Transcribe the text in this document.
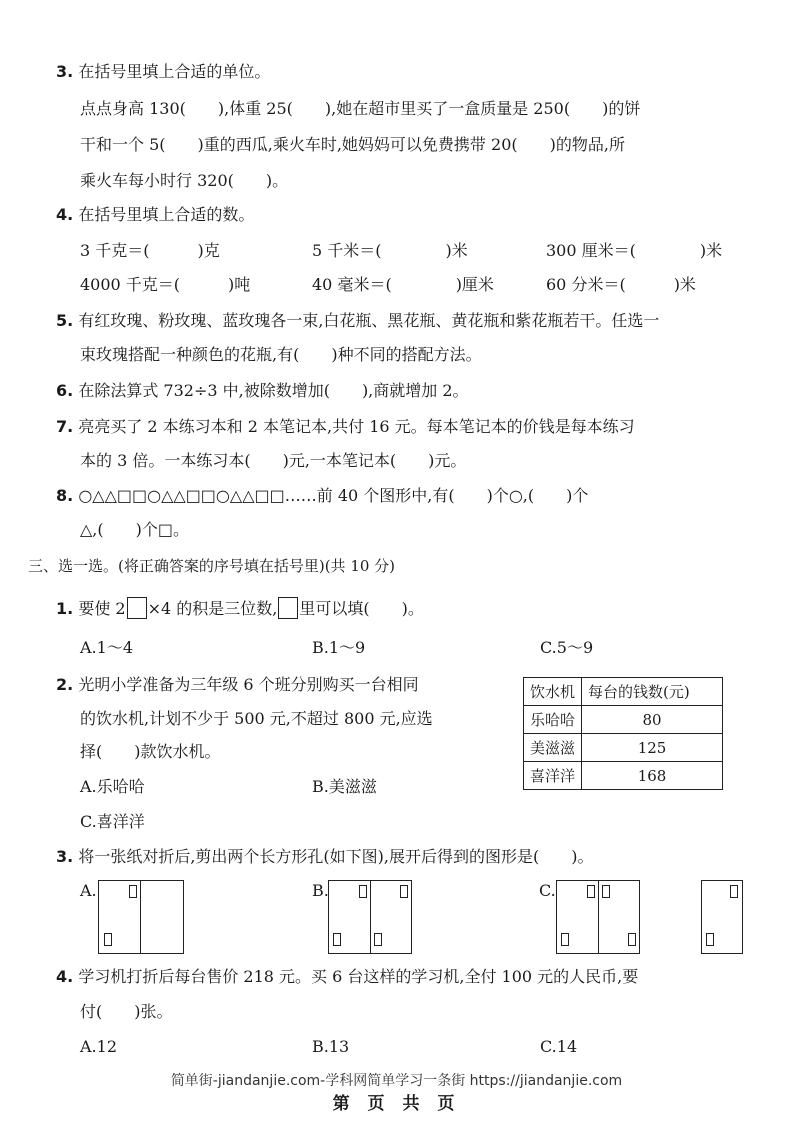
3. 在括号里填上合适的单位。
点点身高 130(　　),体重 25(　　),她在超市里买了一盒质量是 250(　　)的饼
干和一个 5(　　)重的西瓜,乘火车时,她妈妈可以免费携带 20(　　)的物品,所
乘火车每小时行 320(　　)。
4. 在括号里填上合适的数。
3 千克＝(　　　)克	5 千米＝(　　　　)米	300 厘米＝(　　　　)米
4000 千克＝(　　　)吨	40 毫米＝(　　　　)厘米	60 分米＝(　　　)米
5. 有红玫瑰、粉玫瑰、蓝玫瑰各一束,白花瓶、黑花瓶、黄花瓶和紫花瓶若干。任选一
束玫瑰搭配一种颜色的花瓶,有(　　)种不同的搭配方法。
6. 在除法算式 732÷3 中,被除数增加(　　),商就增加 2。
7. 亮亮买了 2 本练习本和 2 本笔记本,共付 16 元。每本笔记本的价钱是每本练习
本的 3 倍。一本练习本(　　)元,一本笔记本(　　)元。
8. ○△△□□○△△□□○△△□□……前 40 个图形中,有(　　)个○,(　　)个
△,(　　)个□。
三、选一选。(将正确答案的序号填在括号里)(共 10 分)
1. 要使 2 ×4 的积是三位数, 里可以填(　　)。
A.1～4	B.1～9	C.5～9
2. 光明小学准备为三年级 6 个班分别购买一台相同
的饮水机,计划不少于 500 元,不超过 800 元,应选
择(　　)款饮水机。
A.乐哈哈	B.美滋滋
C.喜洋洋
饮水机	每台的钱数(元)
乐哈哈	80
美滋滋	125
喜洋洋	168
3. 将一张纸对折后,剪出两个长方形孔(如下图),展开后得到的图形是(　　)。
A.	B.	C.
4. 学习机打折后每台售价 218 元。买 6 台这样的学习机,全付 100 元的人民币,要
付(　　)张。
A.12	B.13	C.14
简单街-jiandanjie.com-学科网简单学习一条街 https://jiandanjie.com
第 页 共 页
